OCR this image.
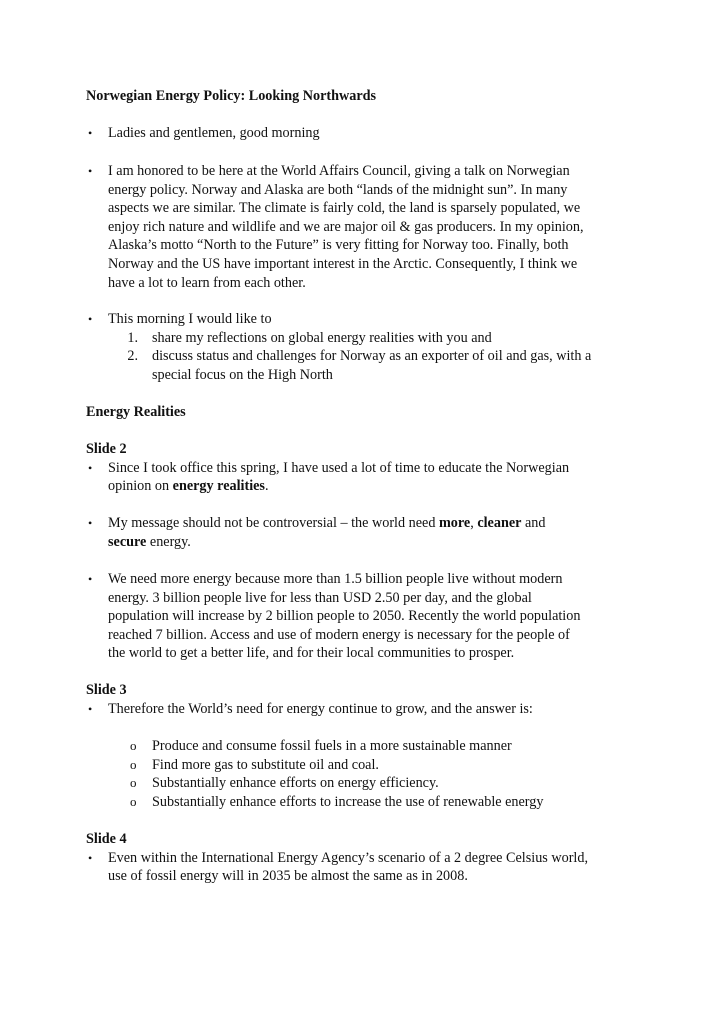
Norwegian Energy Policy: Looking Northwards
• Ladies and gentlemen, good morning
• I am honored to be here at the World Affairs Council, giving a talk on Norwegian
energy policy. Norway and Alaska are both “lands of the midnight sun”. In many
aspects we are similar. The climate is fairly cold, the land is sparsely populated, we
enjoy rich nature and wildlife and we are major oil & gas producers. In my opinion,
Alaska’s motto “North to the Future” is very fitting for Norway too. Finally, both
Norway and the US have important interest in the Arctic. Consequently, I think we
have a lot to learn from each other.
• This morning I would like to
1. share my reflections on global energy realities with you and
2. discuss status and challenges for Norway as an exporter of oil and gas, with a
special focus on the High North
Energy Realities
Slide 2
• Since I took office this spring, I have used a lot of time to educate the Norwegian
opinion on energy realities.
• My message should not be controversial – the world need more, cleaner and
secure energy.
• We need more energy because more than 1.5 billion people live without modern
energy. 3 billion people live for less than USD 2.50 per day, and the global
population will increase by 2 billion people to 2050. Recently the world population
reached 7 billion. Access and use of modern energy is necessary for the people of
the world to get a better life, and for their local communities to prosper.
Slide 3
• Therefore the World’s need for energy continue to grow, and the answer is:
o Produce and consume fossil fuels in a more sustainable manner
o Find more gas to substitute oil and coal.
o Substantially enhance efforts on energy efficiency.
o Substantially enhance efforts to increase the use of renewable energy
Slide 4
• Even within the International Energy Agency’s scenario of a 2 degree Celsius world,
use of fossil energy will in 2035 be almost the same as in 2008.
